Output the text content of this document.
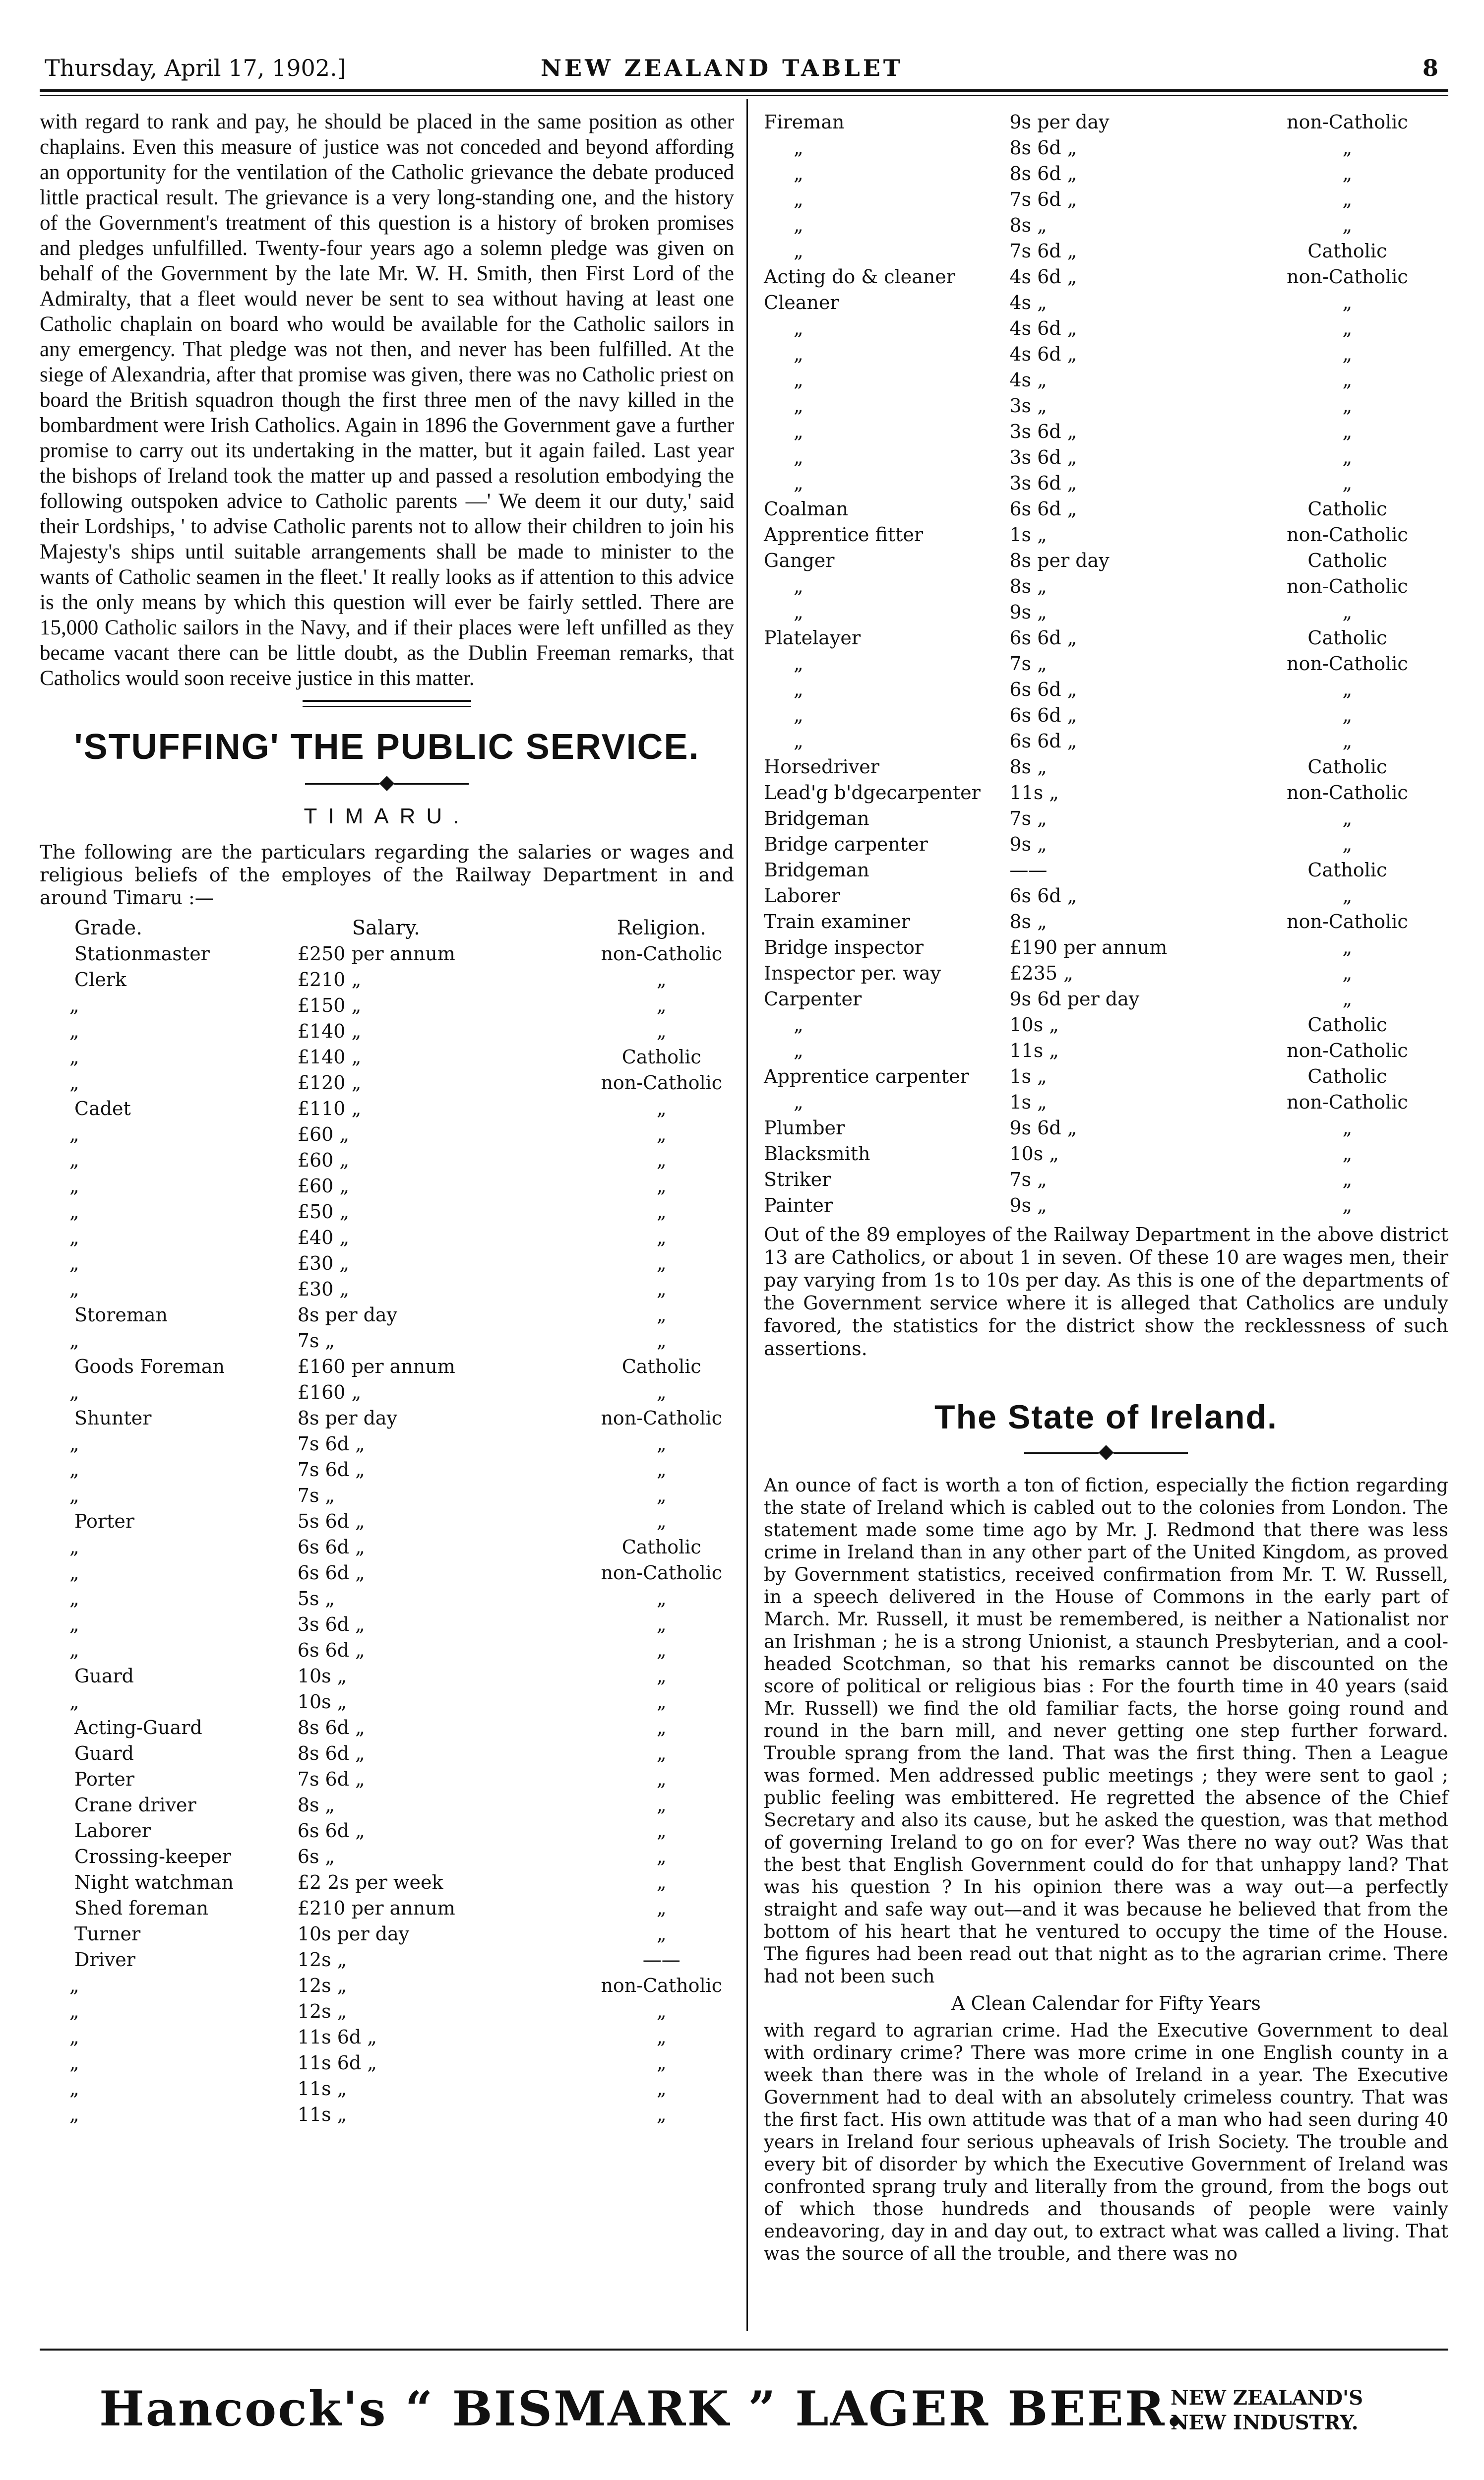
Thursday, April 17, 1902.]	NEW ZEALAND TABLET	8

with regard to rank and pay, he should be placed in the same position as other chaplains. Even this measure of justice was not conceded and beyond affording an opportunity for the ventilation of the Catholic grievance the debate produced little practical result. The grievance is a very long-standing one, and the history of the Government's treatment of this question is a history of broken promises and pledges unfulfilled. Twenty-four years ago a solemn pledge was given on behalf of the Government by the late Mr. W. H. Smith, then First Lord of the Admiralty, that a fleet would never be sent to sea without having at least one Catholic chaplain on board who would be available for the Catholic sailors in any emergency. That pledge was not then, and never has been fulfilled. At the siege of Alexandria, after that promise was given, there was no Catholic priest on board the British squadron though the first three men of the navy killed in the bombardment were Irish Catholics. Again in 1896 the Government gave a further promise to carry out its undertaking in the matter, but it again failed. Last year the bishops of Ireland took the matter up and passed a resolution embodying the following outspoken advice to Catholic parents —' We deem it our duty,' said their Lordships, ' to advise Catholic parents not to allow their children to join his Majesty's ships until suitable arrangements shall be made to minister to the wants of Catholic seamen in the fleet.' It really looks as if attention to this advice is the only means by which this question will ever be fairly settled. There are 15,000 Catholic sailors in the Navy, and if their places were left unfilled as they became vacant there can be little doubt, as the Dublin Freeman remarks, that Catholics would soon receive justice in this matter.

'STUFFING' THE PUBLIC SERVICE.
◆
TIMARU.

The following are the particulars regarding the salaries or wages and religious beliefs of the employes of the Railway Department in and around Timaru :—

Grade.	Salary.	Religion.
Stationmaster	£250 per annum	non-Catholic
Clerk	£210 „	„
„	£150 „	„
„	£140 „	„
„	£140 „	Catholic
„	£120 „	non-Catholic
Cadet	£110 „	„
„	£60 „	„
„	£60 „	„
„	£60 „	„
„	£50 „	„
„	£40 „	„
„	£30 „	„
„	£30 „	„
Storeman	8s per day	„
„	7s „	„
Goods Foreman	£160 per annum	Catholic
„	£160 „	„
Shunter	8s per day	non-Catholic
„	7s 6d „	„
„	7s 6d „	„
„	7s „	„
Porter	5s 6d „	„
„	6s 6d „	Catholic
„	6s 6d „	non-Catholic
„	5s „	„
„	3s 6d „	„
„	6s 6d „	„
Guard	10s „	„
„	10s „	„
Acting-Guard	8s 6d „	„
Guard	8s 6d „	„
Porter	7s 6d „	„
Crane driver	8s „	„
Laborer	6s 6d „	„
Crossing-keeper	6s „	„
Night watchman	£2 2s per week	„
Shed foreman	£210 per annum	„
Turner	10s per day	„
Driver	12s „	——
„	12s „	non-Catholic
„	12s „	„
„	11s 6d „	„
„	11s 6d „	„
„	11s „	„
„	11s „	„
Fireman	9s per day	non-Catholic
„	8s 6d „	„
„	8s 6d „	„
„	7s 6d „	„
„	8s „	„
„	7s 6d „	Catholic
Acting do & cleaner	4s 6d „	non-Catholic
Cleaner	4s „	„
„	4s 6d „	„
„	4s 6d „	„
„	4s „	„
„	3s „	„
„	3s 6d „	„
„	3s 6d „	„
„	3s 6d „	„
Coalman	6s 6d „	Catholic
Apprentice fitter	1s „	non-Catholic
Ganger	8s per day	Catholic
„	8s „	non-Catholic
„	9s „	„
Platelayer	6s 6d „	Catholic
„	7s „	non-Catholic
„	6s 6d „	„
„	6s 6d „	„
„	6s 6d „	„
Horsedriver	8s „	Catholic
Lead'g b'dgecarpenter	11s „	non-Catholic
Bridgeman	7s „	„
Bridge carpenter	9s „	„
Bridgeman	——	Catholic
Laborer	6s 6d „	„
Train examiner	8s „	non-Catholic
Bridge inspector	£190 per annum	„
Inspector per. way	£235 „	„
Carpenter	9s 6d per day	„
„	10s „	Catholic
„	11s „	non-Catholic
Apprentice carpenter	1s „	Catholic
„	1s „	non-Catholic
Plumber	9s 6d „	„
Blacksmith	10s „	„
Striker	7s „	„
Painter	9s „	„

Out of the 89 employes of the Railway Department in the above district 13 are Catholics, or about 1 in seven. Of these 10 are wages men, their pay varying from 1s to 10s per day. As this is one of the departments of the Government service where it is alleged that Catholics are unduly favored, the statistics for the district show the recklessness of such assertions.

The State of Ireland.
◆

An ounce of fact is worth a ton of fiction, especially the fiction regarding the state of Ireland which is cabled out to the colonies from London. The statement made some time ago by Mr. J. Redmond that there was less crime in Ireland than in any other part of the United Kingdom, as proved by Government statistics, received confirmation from Mr. T. W. Russell, in a speech delivered in the House of Commons in the early part of March. Mr. Russell, it must be remembered, is neither a Nationalist nor an Irishman ; he is a strong Unionist, a staunch Presbyterian, and a cool-headed Scotchman, so that his remarks cannot be discounted on the score of political or religious bias : For the fourth time in 40 years (said Mr. Russell) we find the old familiar facts, the horse going round and round in the barn mill, and never getting one step further forward. Trouble sprang from the land. That was the first thing. Then a League was formed. Men addressed public meetings ; they were sent to gaol ; public feeling was embittered. He regretted the absence of the Chief Secretary and also its cause, but he asked the question, was that method of governing Ireland to go on for ever? Was there no way out? Was that the best that English Government could do for that unhappy land? That was his question ? In his opinion there was a way out—a perfectly straight and safe way out—and it was because he believed that from the bottom of his heart that he ventured to occupy the time of the House. The figures had been read out that night as to the agrarian crime. There had not been such

A Clean Calendar for Fifty Years

with regard to agrarian crime. Had the Executive Government to deal with ordinary crime? There was more crime in one English county in a week than there was in the whole of Ireland in a year. The Executive Government had to deal with an absolutely crimeless country. That was the first fact. His own attitude was that of a man who had seen during 40 years in Ireland four serious upheavals of Irish Society. The trouble and every bit of disorder by which the Executive Government of Ireland was confronted sprang truly and literally from the ground, from the bogs out of which those hundreds and thousands of people were vainly endeavoring, day in and day out, to extract what was called a living. That was the source of all the trouble, and there was no

Hancock's “ BISMARK ” LAGER BEER.
NEW ZEALAND'S
NEW INDUSTRY.
